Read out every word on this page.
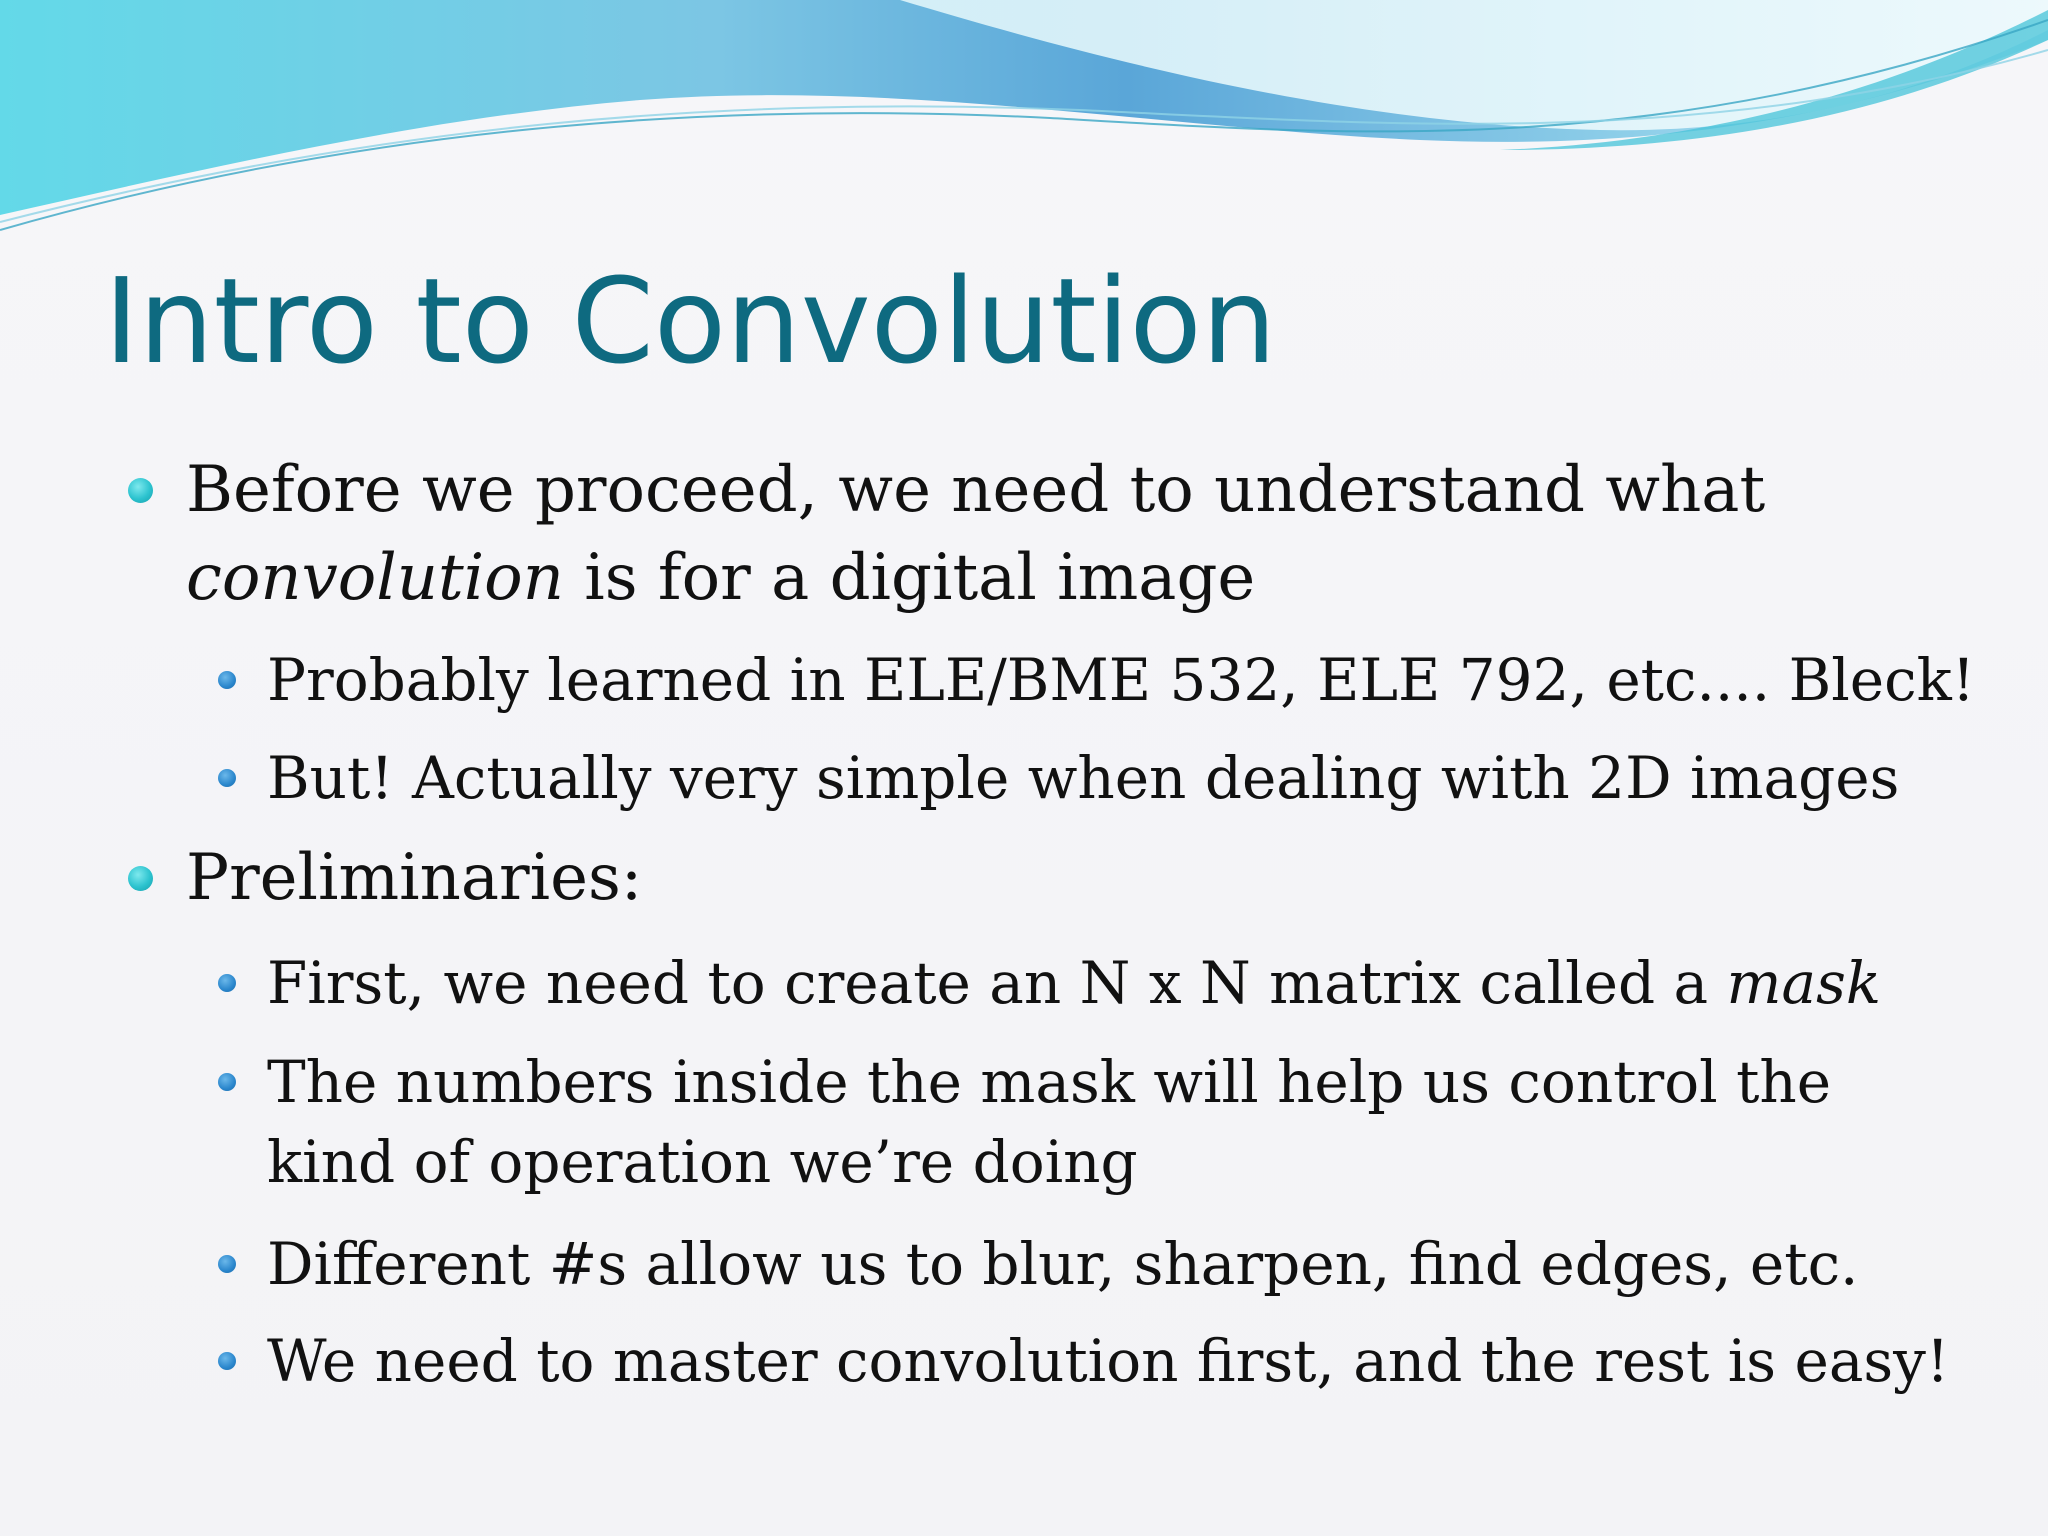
Intro to Convolution
Before we proceed, we need to understand what
convolution is for a digital image
Probably learned in ELE/BME 532, ELE 792, etc.... Bleck!
But! Actually very simple when dealing with 2D images
Preliminaries:
First, we need to create an N x N matrix called a mask
The numbers inside the mask will help us control the
kind of operation we’re doing
Different #s allow us to blur, sharpen, find edges, etc.
We need to master convolution first, and the rest is easy!
